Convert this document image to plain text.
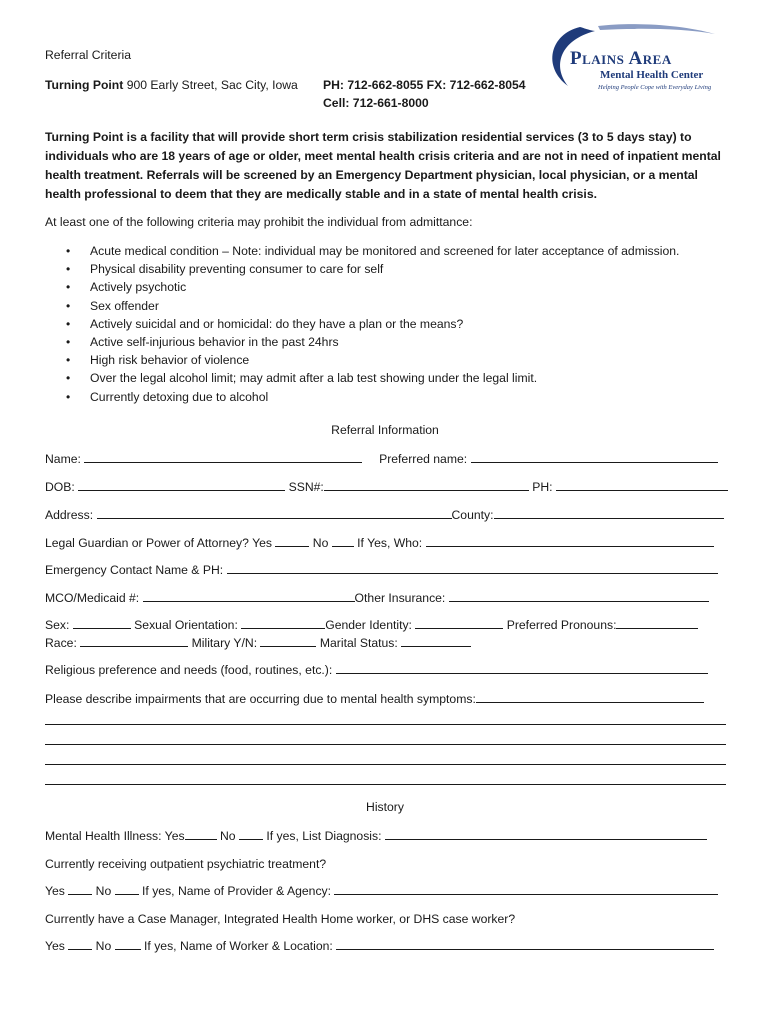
Referral Criteria
Turning Point 900 Early Street, Sac City, Iowa PH: 712-662-8055 FX: 712-662-8054
Cell: 712-661-8000
Plains Area
Mental Health Center
Helping People Cope with Everyday Living
Turning Point is a facility that will provide short term crisis stabilization residential services (3 to 5 days stay) to individuals who are 18 years of age or older, meet mental health crisis criteria and are not in need of inpatient mental health treatment. Referrals will be screened by an Emergency Department physician, local physician, or a mental health professional to deem that they are medically stable and in a state of mental health crisis.
At least one of the following criteria may prohibit the individual from admittance:
• Acute medical condition – Note: individual may be monitored and screened for later acceptance of admission.
• Physical disability preventing consumer to care for self
• Actively psychotic
• Sex offender
• Actively suicidal and or homicidal: do they have a plan or the means?
• Active self-injurious behavior in the past 24hrs
• High risk behavior of violence
• Over the legal alcohol limit; may admit after a lab test showing under the legal limit.
• Currently detoxing due to alcohol
Referral Information
Name:	Preferred name:
DOB:	SSN#:	PH:
Address:	County:
Legal Guardian or Power of Attorney? Yes	No If Yes, Who:
Emergency Contact Name & PH:
MCO/Medicaid #:	Other Insurance:
Sex:	Sexual Orientation:	Gender Identity:	Preferred Pronouns:
Race:	Military Y/N:	Marital Status:
Religious preference and needs (food, routines, etc.):
Please describe impairments that are occurring due to mental health symptoms:
History
Mental Health Illness: Yes	No	If yes, List Diagnosis:
Currently receiving outpatient psychiatric treatment?
Yes	No	If yes, Name of Provider & Agency:
Currently have a Case Manager, Integrated Health Home worker, or DHS case worker?
Yes	No	If yes, Name of Worker & Location:
